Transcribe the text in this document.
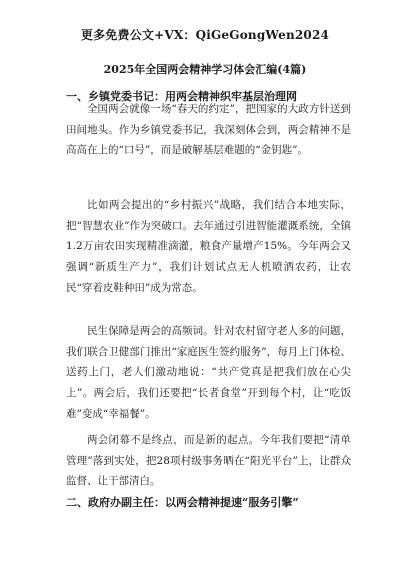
更多免费公文+VX：QiGeGongWen2024
2025年全国两会精神学习体会汇编(4篇)
一、乡镇党委书记：用两会精神织牢基层治理网

全国两会就像一场“春天的约定”，把国家的大政方针送到田间地头。作为乡镇党委书记，我深刻体会到，两会精神不是高高在上的“口号”，而是破解基层难题的“金钥匙”。

比如两会提出的“乡村振兴”战略，我们结合本地实际，把“智慧农业”作为突破口。去年通过引进智能灌溉系统，全镇1.2万亩农田实现精准滴灌，粮食产量增产15%。今年两会又强调“新质生产力”，我们计划试点无人机喷洒农药，让农民“穿着皮鞋种田”成为常态。

民生保障是两会的高频词。针对农村留守老人多的问题，我们联合卫健部门推出“家庭医生签约服务”，每月上门体检、送药上门，老人们激动地说：“共产党真是把我们放在心尖上”。两会后，我们还要把“长者食堂”开到每个村，让“吃饭难”变成“幸福餐”。

两会闭幕不是终点，而是新的起点。今年我们要把“清单管理”落到实处，把28项村级事务晒在“阳光平台”上，让群众监督、让干部清白。

二、政府办副主任：以两会精神提速“服务引擎”
